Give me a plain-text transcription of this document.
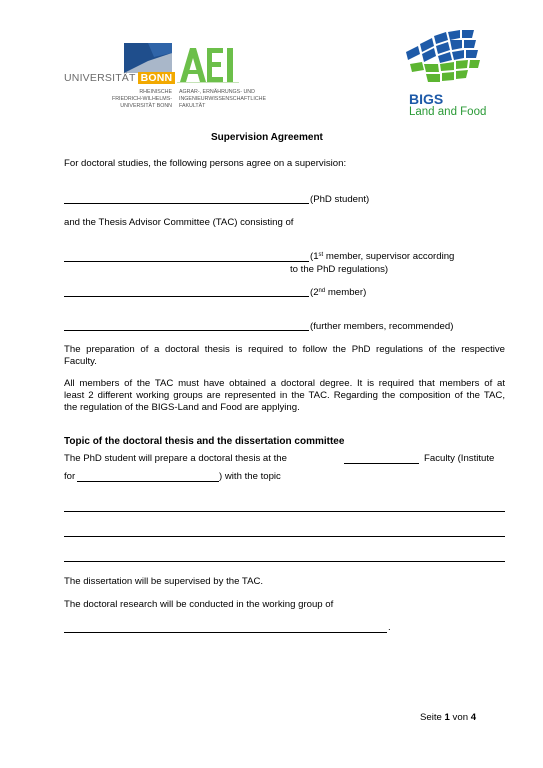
UNIVERSITÄT BONN
RHEINISCHE
FRIEDRICH-WILHELMS-
UNIVERSITÄT BONN
AGRAR-, ERNÄHRUNGS- UND
INGENIEURWISSENSCHAFTLICHE
FAKULTÄT	BIGS
Land and Food
Supervision Agreement
For doctoral studies, the following persons agree on a supervision:
(PhD student)
and the Thesis Advisor Committee (TAC) consisting of
(1st member, supervisor according
to the PhD regulations)
(2nd member)
(further members, recommended)
The preparation of a doctoral thesis is required to follow the PhD regulations of the respective
Faculty.
All members of the TAC must have obtained a doctoral degree. It is required that members of at
least 2 different working groups are represented in the TAC. Regarding the composition of the TAC,
the regulation of the BIGS-Land and Food are applying.
Topic of the doctoral thesis and the dissertation committee
The PhD student will prepare a doctoral thesis at the	Faculty (Institute
for	) with the topic
The dissertation will be supervised by the TAC.
The doctoral research will be conducted in the working group of
.
Seite 1 von 4
